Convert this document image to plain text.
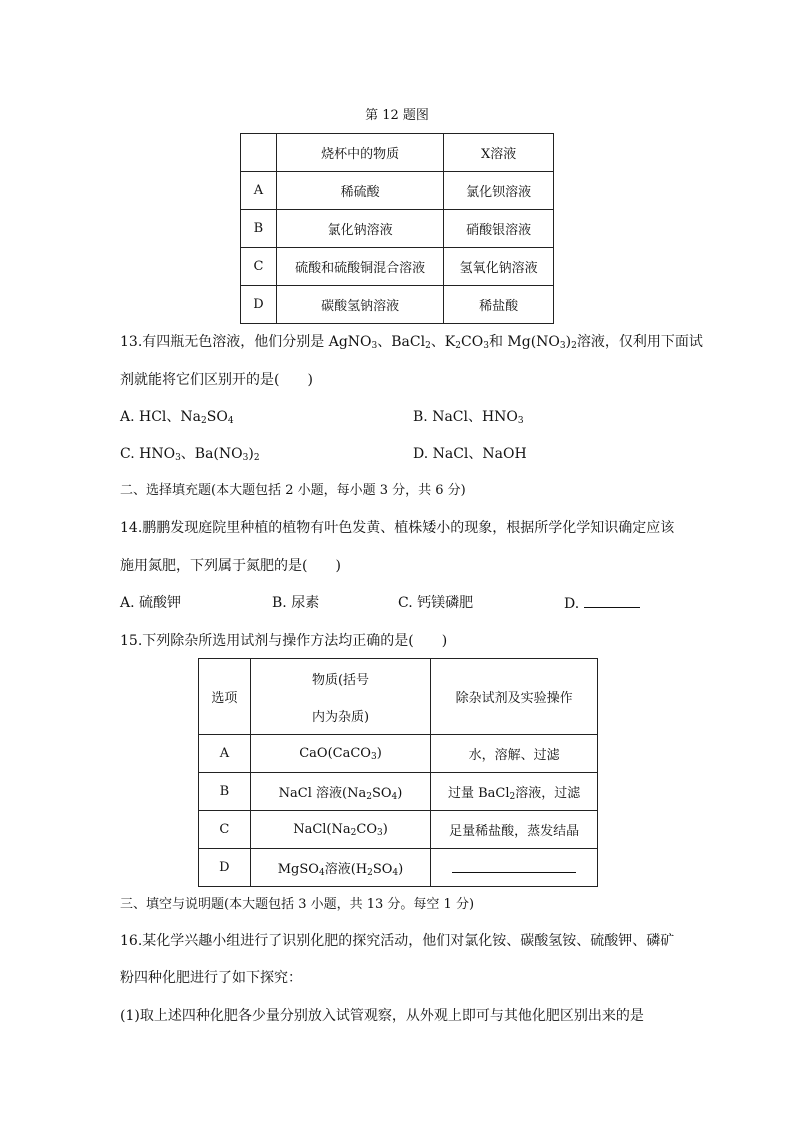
第 12 题图
	烧杯中的物质	X溶液
A	稀硫酸	氯化钡溶液
B	氯化钠溶液	硝酸银溶液
C	硫酸和硫酸铜混合溶液	氢氧化钠溶液
D	碳酸氢钠溶液	稀盐酸
13.有四瓶无色溶液，他们分别是 AgNO$_3$、BaCl$_2$、$K_2CO_3$和 $Mg(NO_3)_2$溶液，仅利用下面试
剂就能将它们区别开的是(　　)
A. HCl、$Na_2SO_4$	B. NaCl、$HNO_3$
C. $HNO_3$、$Ba(NO_3)_2$	D. NaCl、NaOH
二、选择填充题(本大题包括 2 小题，每小题 3 分，共 6 分)
14.鹏鹏发现庭院里种植的植物有叶色发黄、植株矮小的现象，根据所学化学知识确定应该
施用氮肥，下列属于氮肥的是(　　)
A. 硫酸钾	B. 尿素	C. 钙镁磷肥	D.
15.下列除杂所选用试剂与操作方法均正确的是(　　)
选项	物质(括号
内为杂质)	除杂试剂及实验操作
A	CaO(CaCO$_3$)	水，溶解、过滤
B	NaCl 溶液$(Na_2SO_4)$	过量 BaCl$_2$溶液，过滤
C	$NaCl(Na_2CO_3)$	足量稀盐酸，蒸发结晶
D	MgSO$_4$溶液$(H_2SO_4)$	
三、填空与说明题(本大题包括 3 小题，共 13 分。每空 1 分)
16.某化学兴趣小组进行了识别化肥的探究活动，他们对氯化铵、碳酸氢铵、硫酸钾、磷矿
粉四种化肥进行了如下探究：
(1)取上述四种化肥各少量分别放入试管观察，从外观上即可与其他化肥区别出来的是
